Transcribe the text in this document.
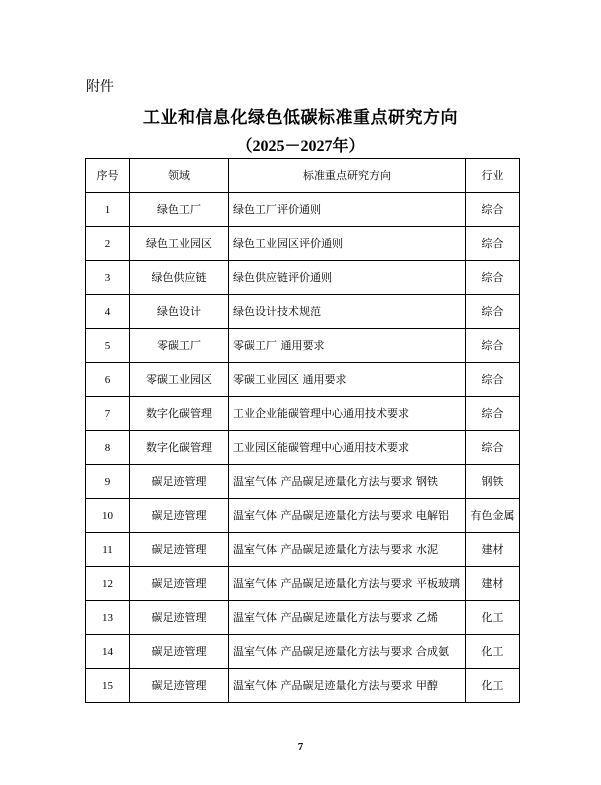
附件
工业和信息化绿色低碳标准重点研究方向
（2025－2027年）
序号	领域	标准重点研究方向	行业
1	绿色工厂	绿色工厂评价通则	综合
2	绿色工业园区	绿色工业园区评价通则	综合
3	绿色供应链	绿色供应链评价通则	综合
4	绿色设计	绿色设计技术规范	综合
5	零碳工厂	零碳工厂 通用要求	综合
6	零碳工业园区	零碳工业园区 通用要求	综合
7	数字化碳管理	工业企业能碳管理中心通用技术要求	综合
8	数字化碳管理	工业园区能碳管理中心通用技术要求	综合
9	碳足迹管理	温室气体 产品碳足迹量化方法与要求 钢铁	钢铁
10	碳足迹管理	温室气体 产品碳足迹量化方法与要求 电解铝	有色金属
11	碳足迹管理	温室气体 产品碳足迹量化方法与要求 水泥	建材
12	碳足迹管理	温室气体 产品碳足迹量化方法与要求 平板玻璃	建材
13	碳足迹管理	温室气体 产品碳足迹量化方法与要求 乙烯	化工
14	碳足迹管理	温室气体 产品碳足迹量化方法与要求 合成氨	化工
15	碳足迹管理	温室气体 产品碳足迹量化方法与要求 甲醇	化工
7
